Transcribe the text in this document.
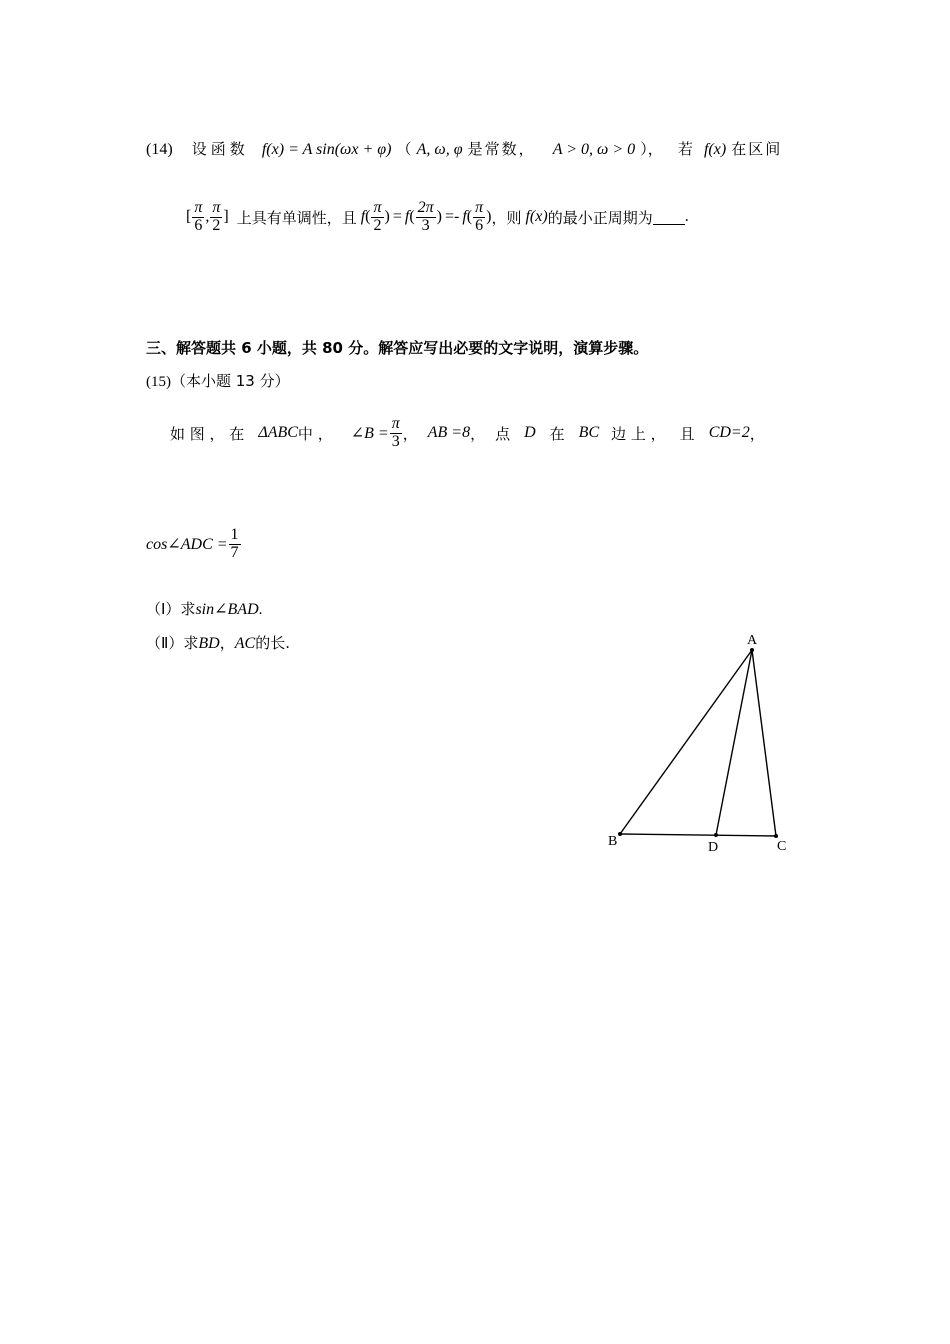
(14) 设函数 f(x) = A sin(ωx + φ) （ A, ω, φ 是常数， A > 0, ω > 0 ）， 若 f(x) 在区间
[ $\frac{\pi}{6}$ , $\frac{\pi}{2}$ ] 上具有单调性，且 f ( $\frac{\pi}{2}$ ) = f ( $\frac{2\pi}{3}$ ) =- f ( $\frac{\pi}{6}$ ) ，则 f(x) 的最小正周期为 .
三、解答题共 6 小题，共 80 分。解答应写出必要的文字说明，演算步骤。
(15)（本小题 13 分）
如 图 ， 在 ΔABC 中 ， ∠B = $\frac{\pi}{3}$ ， AB =8 ， 点 D 在 BC 边 上 ， 且 CD=2 ，
cos∠ADC = $\frac{1}{7}$
（Ⅰ）求sin∠BAD.
（Ⅱ）求BD，AC的长.	A
B	D	C
